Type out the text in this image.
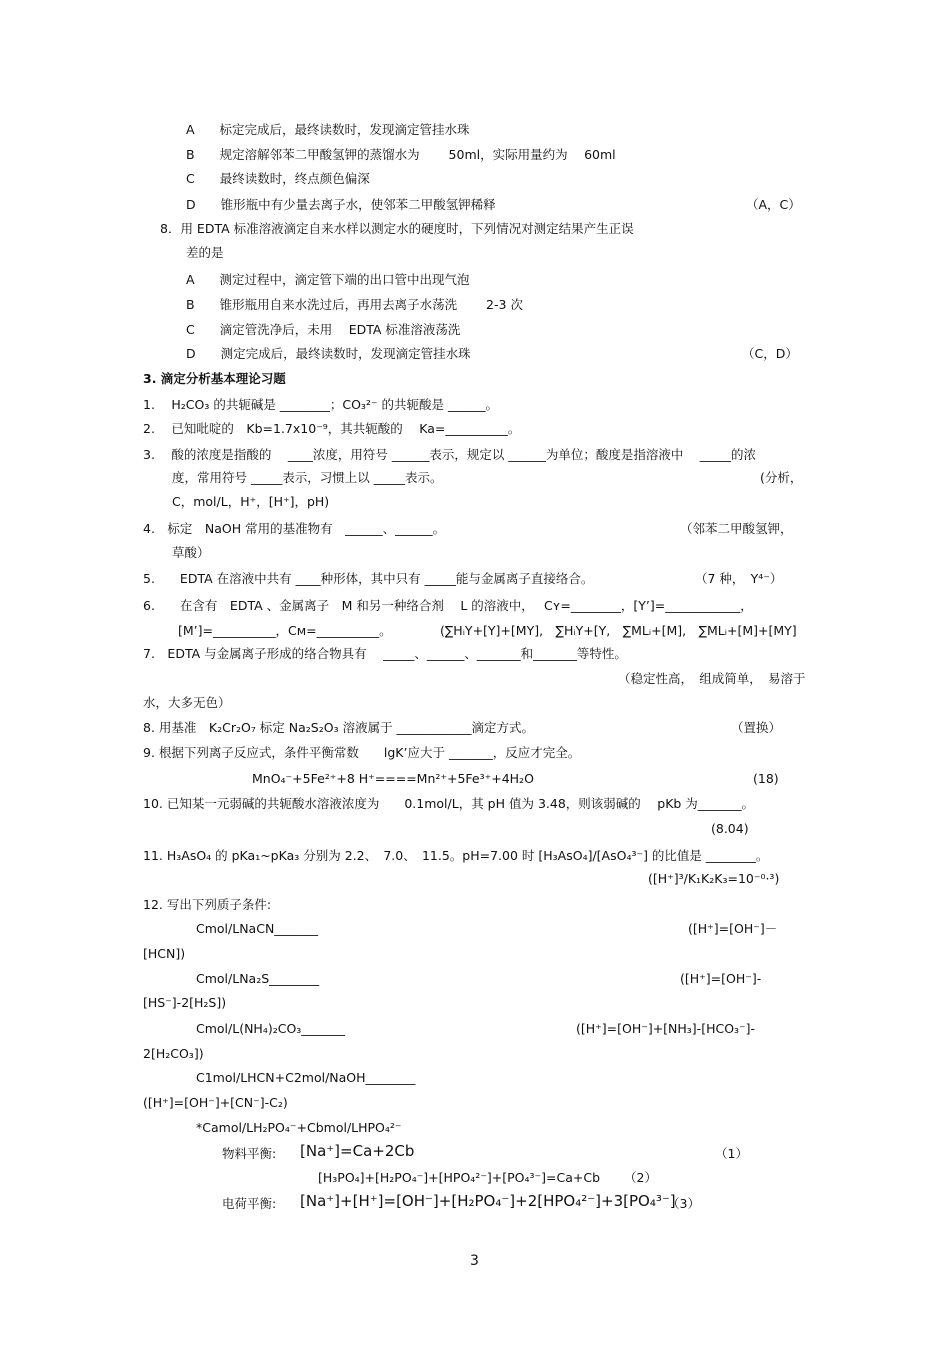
A　　标定完成后，最终读数时，发现滴定管挂水珠
B　　规定溶解邻苯二甲酸氢钾的蒸馏水为　　 50ml，实际用量约为　 60ml
C　　最终读数时，终点颜色偏深
D　　锥形瓶中有少量去离子水，使邻苯二甲酸氢钾稀释	（A，C）
8．用 EDTA 标准溶液滴定自来水样以测定水的硬度时，下列情况对测定结果产生正误
差的是
A　　测定过程中，滴定管下端的出口管中出现气泡
B　　锥形瓶用自来水洗过后，再用去离子水荡洗　　 2-3 次
C　　滴定管洗净后，未用　 EDTA 标准溶液荡洗
D　　测定完成后，最终读数时，发现滴定管挂水珠	（C，D）
3. 滴定分析基本理论习题
1.　 H₂CO₃ 的共轭碱是 ________；CO₃²⁻ 的共轭酸是 ______。
2.　 已知吡啶的　Kb=1.7x10⁻⁹，其共轭酸的　 Ka=__________。
3.　 酸的浓度是指酸的　 ____浓度，用符号 ______表示，规定以 ______为单位；酸度是指溶液中　 _____的浓
度，常用符号 _____表示，习惯上以 _____表示。	(分析，
C，mol/L，H⁺，[H⁺]，pH)
4.　标定　NaOH 常用的基准物有　______、______。	（邻苯二甲酸氢钾，
草酸）
5.　　EDTA 在溶液中共有 ____种形体，其中只有 _____能与金属离子直接络合。	（7 种，　Y⁴⁻）
6.　　在含有　EDTA 、金属离子　M 和另一种络合剂　 L 的溶液中，　 Cʏ=________，[Y’]=____________，
[M’]=__________，Cᴍ=__________。	(∑HᵢY+[Y]+[MY],　∑HᵢY+[Y,　∑MLᵢ+[M],　∑MLᵢ+[M]+[MY]
7.　EDTA 与金属离子形成的络合物具有　 _____、______、_______和_______等特性。
（稳定性高，　组成简单，　易溶于
水，大多无色）
8. 用基准　K₂Cr₂O₇ 标定 Na₂S₂O₃ 溶液属于 ____________滴定方式。	（置换）
9. 根据下列离子反应式，条件平衡常数　　lgK’应大于 _______，反应才完全。
MnO₄⁻+5Fe²⁺+8 H⁺====Mn²⁺+5Fe³⁺+4H₂O	(18)
10. 已知某一元弱碱的共轭酸水溶液浓度为　　0.1mol/L，其 pH 值为 3.48，则该弱碱的　 pKb 为_______。
(8.04)
11. H₃AsO₄ 的 pKa₁~pKa₃ 分别为 2.2、　7.0、　11.5。pH=7.00 时 [H₃AsO₄]/[AsO₄³⁻] 的比值是 ________。
([H⁺]³/K₁K₂K₃=10⁻⁰·³)
12. 写出下列质子条件:
Cmol/LNaCN_______	([H⁺]=[OH⁻]－
[HCN])
Cmol/LNa₂S________	([H⁺]=[OH⁻]-
[HS⁻]-2[H₂S])
Cmol/L(NH₄)₂CO₃_______	([H⁺]=[OH⁻]+[NH₃]-[HCO₃⁻]-
2[H₂CO₃])
C1mol/LHCN+C2mol/NaOH________
([H⁺]=[OH⁻]+[CN⁻]-C₂)
*Camol/LH₂PO₄⁻+Cbmol/LHPO₄²⁻
物料平衡: [Na⁺]=Ca+2Cb	（1）
[H₃PO₄]+[H₂PO₄⁻]+[HPO₄²⁻]+[PO₄³⁻]=Ca+Cb （2）
电荷平衡: [Na⁺]+[H⁺]=[OH⁻]+[H₂PO₄⁻]+2[HPO₄²⁻]+3[PO₄³⁻]
（3）
3
